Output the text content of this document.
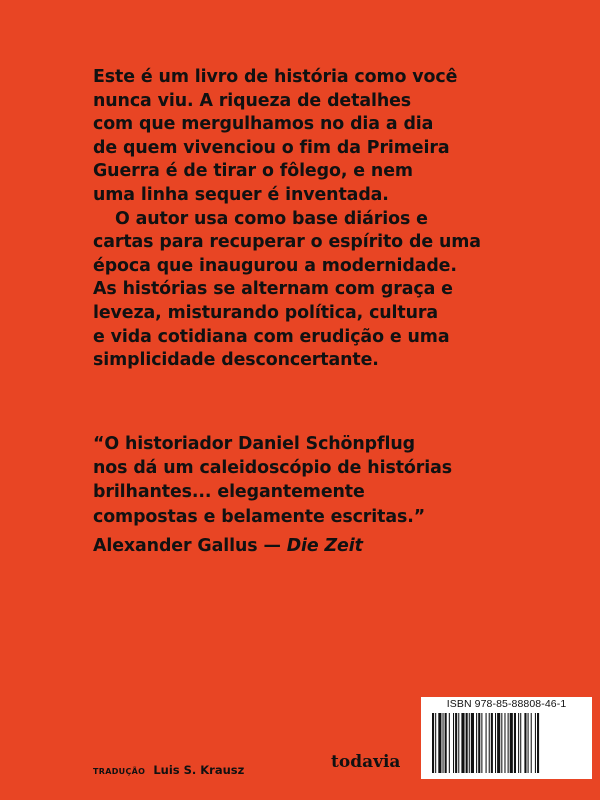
Este é um livro de história como você

nunca viu. A riqueza de detalhes

com que mergulhamos no dia a dia

de quem vivenciou o fim da Primeira

Guerra é de tirar o fôlego, e nem

uma linha sequer é inventada.

O autor usa como base diários e

cartas para recuperar o espírito de uma

época que inaugurou a modernidade.

As histórias se alternam com graça e

leveza, misturando política, cultura

e vida cotidiana com erudição e uma

simplicidade desconcertante.

“O historiador Daniel Schönpflug
nos dá um caleidoscópio de histórias
brilhantes... elegantemente
compostas e belamente escritas.”
Alexander Gallus — Die Zeit
ISBN 978-85-88808-46-1
TRADUÇÃO Luis S. Krausz	todavia
